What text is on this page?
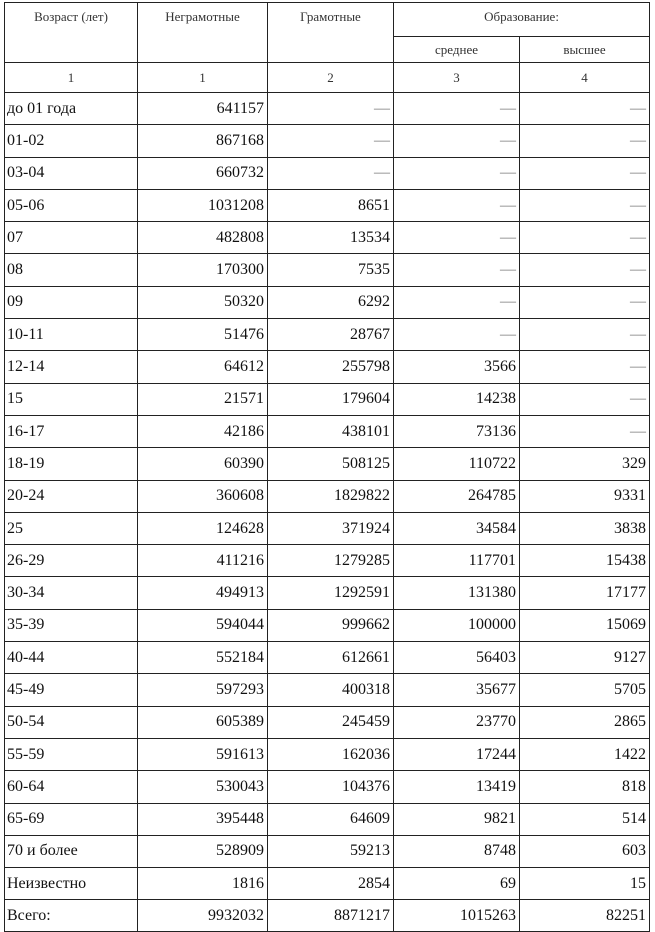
Возраст (лет)	Неграмотные	Грамотные	Образование:	
			среднее	высшее
1	1	2	3	4
до 01 года	641157	—	—	—
01-02	867168	—	—	—
03-04	660732	—	—	—
05-06	1031208	8651	—	—
07	482808	13534	—	—
08	170300	7535	—	—
09	50320	6292	—	—
10-11	51476	28767	—	—
12-14	64612	255798	3566	—
15	21571	179604	14238	—
16-17	42186	438101	73136	—
18-19	60390	508125	110722	329
20-24	360608	1829822	264785	9331
25	124628	371924	34584	3838
26-29	411216	1279285	117701	15438
30-34	494913	1292591	131380	17177
35-39	594044	999662	100000	15069
40-44	552184	612661	56403	9127
45-49	597293	400318	35677	5705
50-54	605389	245459	23770	2865
55-59	591613	162036	17244	1422
60-64	530043	104376	13419	818
65-69	395448	64609	9821	514
70 и более	528909	59213	8748	603
Неизвестно	1816	2854	69	15
Всего:	9932032	8871217	1015263	82251
